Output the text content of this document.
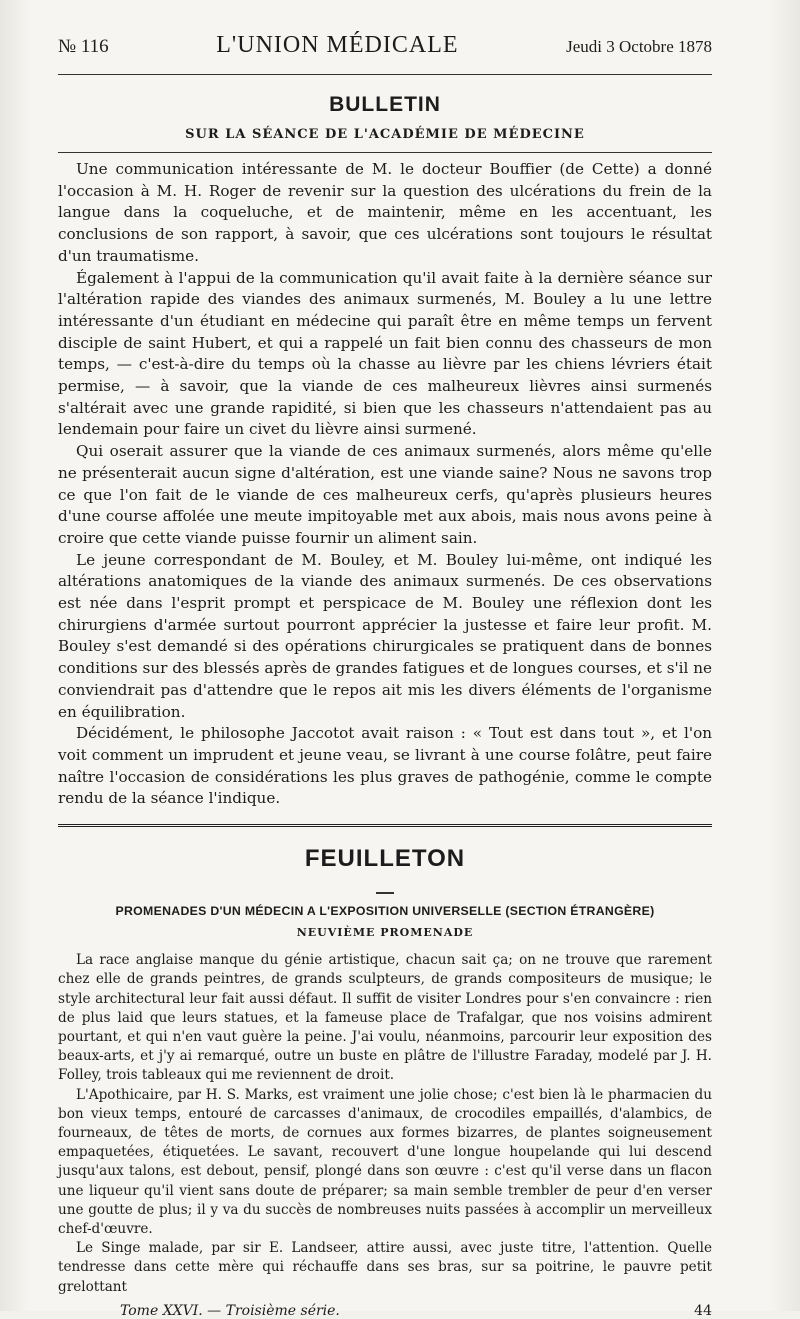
№ 116	L'UNION MÉDICALE	Jeudi 3 Octobre 1878
BULLETIN
SUR LA SÉANCE DE L'ACADÉMIE DE MÉDECINE

Une communication intéressante de M. le docteur Bouffier (de Cette) a donné l'occasion à M. H. Roger de revenir sur la question des ulcérations du frein de la langue dans la coqueluche, et de maintenir, même en les accentuant, les conclusions de son rapport, à savoir, que ces ulcérations sont toujours le résultat d'un traumatisme.

Également à l'appui de la communication qu'il avait faite à la dernière séance sur l'altération rapide des viandes des animaux surmenés, M. Bouley a lu une lettre intéressante d'un étudiant en médecine qui paraît être en même temps un fervent disciple de saint Hubert, et qui a rappelé un fait bien connu des chasseurs de mon temps, — c'est-à-dire du temps où la chasse au lièvre par les chiens lévriers était permise, — à savoir, que la viande de ces malheureux lièvres ainsi surmenés s'altérait avec une grande rapidité, si bien que les chasseurs n'attendaient pas au lendemain pour faire un civet du lièvre ainsi surmené.

Qui oserait assurer que la viande de ces animaux surmenés, alors même qu'elle ne présenterait aucun signe d'altération, est une viande saine? Nous ne savons trop ce que l'on fait de le viande de ces malheureux cerfs, qu'après plusieurs heures d'une course affolée une meute impitoyable met aux abois, mais nous avons peine à croire que cette viande puisse fournir un aliment sain.

Le jeune correspondant de M. Bouley, et M. Bouley lui-même, ont indiqué les altérations anatomiques de la viande des animaux surmenés. De ces observations est née dans l'esprit prompt et perspicace de M. Bouley une réflexion dont les chirurgiens d'armée surtout pourront apprécier la justesse et faire leur profit. M. Bouley s'est demandé si des opérations chirurgicales se pratiquent dans de bonnes conditions sur des blessés après de grandes fatigues et de longues courses, et s'il ne conviendrait pas d'attendre que le repos ait mis les divers éléments de l'organisme en équilibration.

Décidément, le philosophe Jaccotot avait raison : « Tout est dans tout », et l'on voit comment un imprudent et jeune veau, se livrant à une course folâtre, peut faire naître l'occasion de considérations les plus graves de pathogénie, comme le compte rendu de la séance l'indique.

FEUILLETON
PROMENADES D'UN MÉDECIN A L'EXPOSITION UNIVERSELLE (SECTION ÉTRANGÈRE)
NEUVIÈME PROMENADE

La race anglaise manque du génie artistique, chacun sait ça; on ne trouve que rarement chez elle de grands peintres, de grands sculpteurs, de grands compositeurs de musique; le style architectural leur fait aussi défaut. Il suffit de visiter Londres pour s'en convaincre : rien de plus laid que leurs statues, et la fameuse place de Trafalgar, que nos voisins admirent pourtant, et qui n'en vaut guère la peine. J'ai voulu, néanmoins, parcourir leur exposition des beaux-arts, et j'y ai remarqué, outre un buste en plâtre de l'illustre Faraday, modelé par J. H. Folley, trois tableaux qui me reviennent de droit.

L'Apothicaire, par H. S. Marks, est vraiment une jolie chose; c'est bien là le pharmacien du bon vieux temps, entouré de carcasses d'animaux, de crocodiles empaillés, d'alambics, de fourneaux, de têtes de morts, de cornues aux formes bizarres, de plantes soigneusement empaquetées, étiquetées. Le savant, recouvert d'une longue houpelande qui lui descend jusqu'aux talons, est debout, pensif, plongé dans son œuvre : c'est qu'il verse dans un flacon une liqueur qu'il vient sans doute de préparer; sa main semble trembler de peur d'en verser une goutte de plus; il y va du succès de nombreuses nuits passées à accomplir un merveilleux chef-d'œuvre.

Le Singe malade, par sir E. Landseer, attire aussi, avec juste titre, l'attention. Quelle tendresse dans cette mère qui réchauffe dans ses bras, sur sa poitrine, le pauvre petit grelottant

Tome XXVI. — Troisième série.	44
